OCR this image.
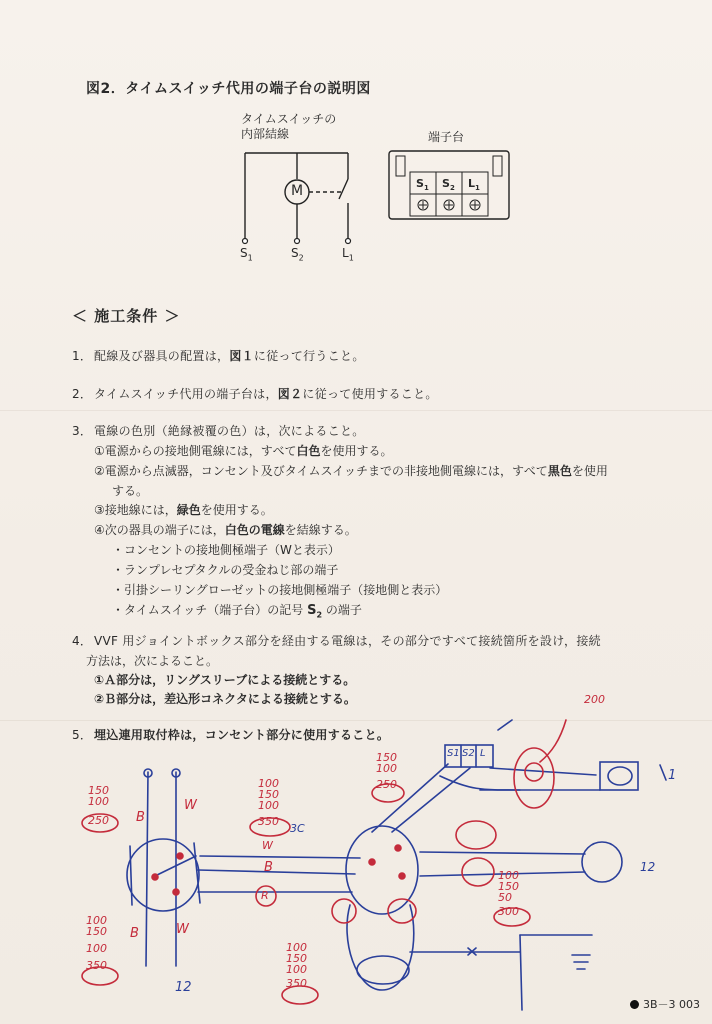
図2．タイムスイッチ代用の端子台の説明図
タイムスイッチの
内部結線	端子台
M
$S_1$	$S_2$	$L_1$
$S_1$ $S_2$ $L_1$
＜ 施工条件 ＞
1． 配線及び器具の配置は，図１に従って行うこと。
2． タイムスイッチ代用の端子台は，図２に従って使用すること。
3． 電線の色別（絶縁被覆の色）は，次によること。
①電源からの接地側電線には，すべて白色を使用する。
②電源から点滅器，コンセント及びタイムスイッチまでの非接地側電線には，すべて黒色を使用
する。
③接地線には，緑色を使用する。
④次の器具の端子には，白色の電線を結線する。
・コンセントの接地側極端子（Wと表示）
・ランプレセプタクルの受金ねじ部の端子
・引掛シーリングローゼットの接地側極端子（接地側と表示）
・タイムスイッチ（端子台）の記号 $S_2$ の端子
4． VVF 用ジョイントボックス部分を経由する電線は，その部分ですべて接続箇所を設け，接続
方法は，次によること。
①Ａ部分は，リングスリーブによる接続とする。
②Ｂ部分は，差込形コネクタによる接続とする。
5． 埋込連用取付枠は，コンセント部分に使用すること。
S1 S2 L
150
100
250
100
150
100
350
3C
150
100
250
200
100
150
50
300
100
150
100
350
100
150
100
350
B
W
B	W
B
W
R
12
12
1
3B－3 003
